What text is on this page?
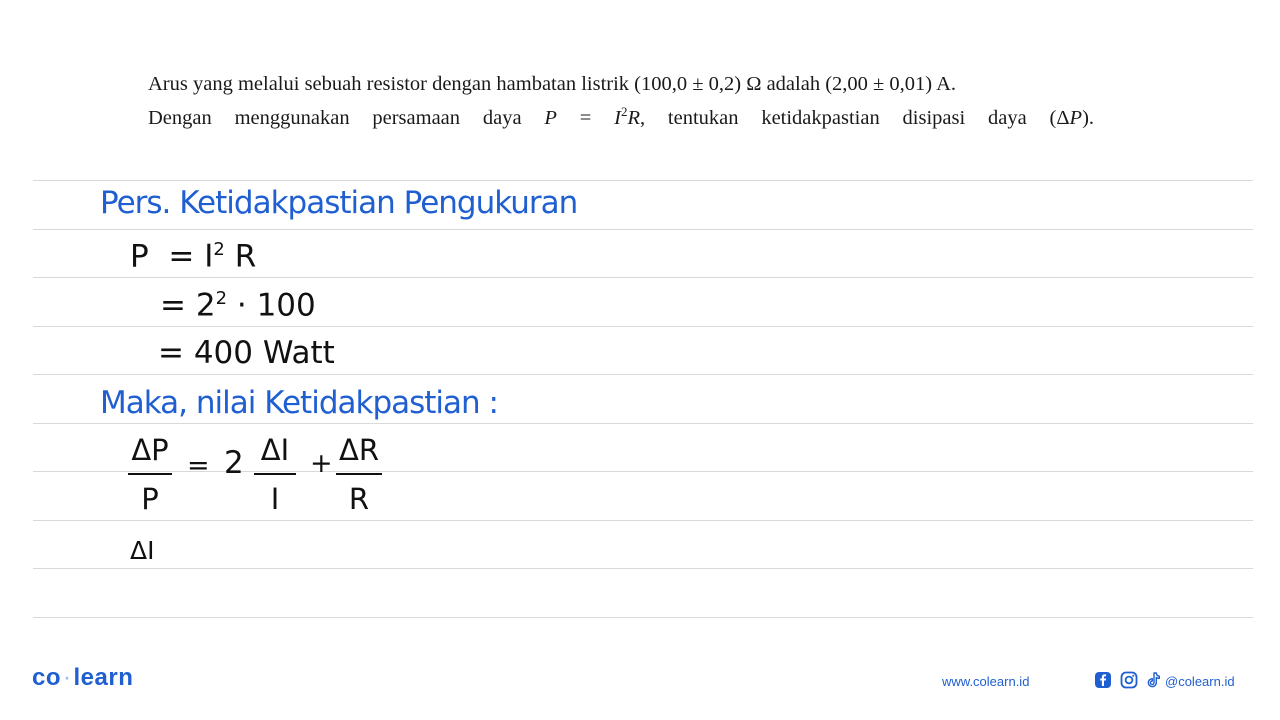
Arus yang melalui sebuah resistor dengan hambatan listrik (100,0 ± 0,2) Ω adalah (2,00 ± 0,01) A.

Dengan menggunakan persamaan daya $P = I^2R$, tentukan ketidakpastian disipasi daya (ΔP).

Pers. Ketidakpastian Pengukuran
$P = I^2$ R
= $2^2 \cdot 100$
= 400 Watt
Maka, nilai Ketidakpastian :
ΔP
P
= 2 ΔI
I
+ ΔR
R
ΔI
co·learn	www.colearn.id	@colearn.id
